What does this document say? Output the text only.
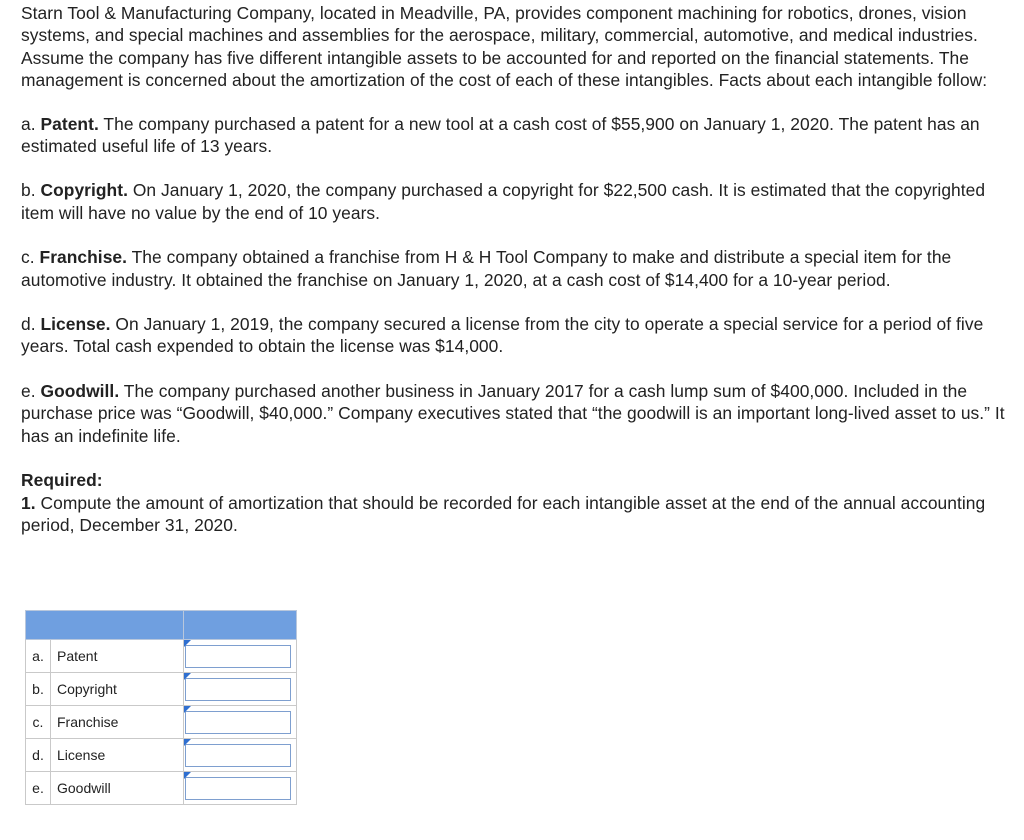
Starn Tool & Manufacturing Company, located in Meadville, PA, provides component machining for robotics, drones, vision systems, and special machines and assemblies for the aerospace, military, commercial, automotive, and medical industries. Assume the company has five different intangible assets to be accounted for and reported on the financial statements. The management is concerned about the amortization of the cost of each of these intangibles. Facts about each intangible follow:

a. Patent. The company purchased a patent for a new tool at a cash cost of $55,900 on January 1, 2020. The patent has an estimated useful life of 13 years.

b. Copyright. On January 1, 2020, the company purchased a copyright for $22,500 cash. It is estimated that the copyrighted item will have no value by the end of 10 years.

c. Franchise. The company obtained a franchise from H & H Tool Company to make and distribute a special item for the automotive industry. It obtained the franchise on January 1, 2020, at a cash cost of $14,400 for a 10-year period.

d. License. On January 1, 2019, the company secured a license from the city to operate a special service for a period of five years. Total cash expended to obtain the license was $14,000.

e. Goodwill. The company purchased another business in January 2017 for a cash lump sum of $400,000. Included in the purchase price was “Goodwill, $40,000.” Company executives stated that “the goodwill is an important long-lived asset to us.” It has an indefinite life.

Required:

1. Compute the amount of amortization that should be recorded for each intangible asset at the end of the annual accounting period, December 31, 2020.

a.	Patent	

b.	Copyright	

c.	Franchise	

d.	License	

e.	Goodwill	
